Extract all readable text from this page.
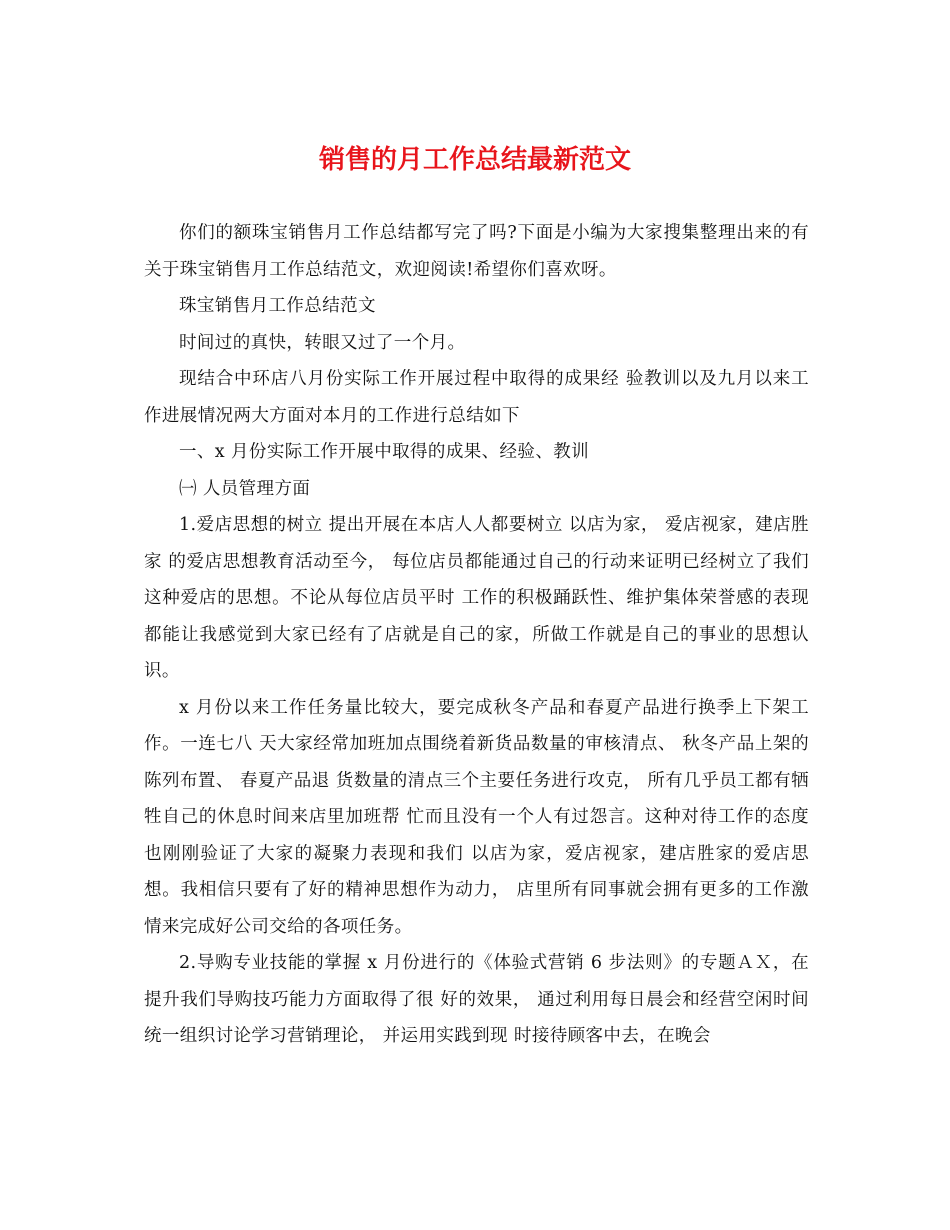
销售的月工作总结最新范文

你们的额珠宝销售月工作总结都写完了吗?下面是小编为大家搜集整理出来的有关于珠宝销售月工作总结范文，欢迎阅读!希望你们喜欢呀。

珠宝销售月工作总结范文

时间过的真快，转眼又过了一个月。

现结合中环店八月份实际工作开展过程中取得的成果经 验教训以及九月以来工作进展情况两大方面对本月的工作进行总结如下

一、x 月份实际工作开展中取得的成果、经验、教训

㈠ 人员管理方面

1.爱店思想的树立 提出开展在本店人人都要树立 以店为家， 爱店视家，建店胜家 的爱店思想教育活动至今， 每位店员都能通过自己的行动来证明已经树立了我们这种爱店的思想。不论从每位店员平时 工作的积极踊跃性、维护集体荣誉感的表现都能让我感觉到大家已经有了店就是自己的家，所做工作就是自己的事业的思想认识。

x 月份以来工作任务量比较大，要完成秋冬产品和春夏产品进行换季上下架工作。一连七八 天大家经常加班加点围绕着新货品数量的审核清点、 秋冬产品上架的陈列布置、 春夏产品退 货数量的清点三个主要任务进行攻克， 所有几乎员工都有牺牲自己的休息时间来店里加班帮 忙而且没有一个人有过怨言。这种对待工作的态度也刚刚验证了大家的凝聚力表现和我们 以店为家，爱店视家，建店胜家的爱店思想。我相信只要有了好的精神思想作为动力， 店里所有同事就会拥有更多的工作激情来完成好公司交给的各项任务。

2.导购专业技能的掌握 x 月份进行的《体验式营销 6 步法则》的专题ＡＸ，在提升我们导购技巧能力方面取得了很 好的效果， 通过利用每日晨会和经营空闲时间统一组织讨论学习营销理论， 并运用实践到现 时接待顾客中去，在晚会
